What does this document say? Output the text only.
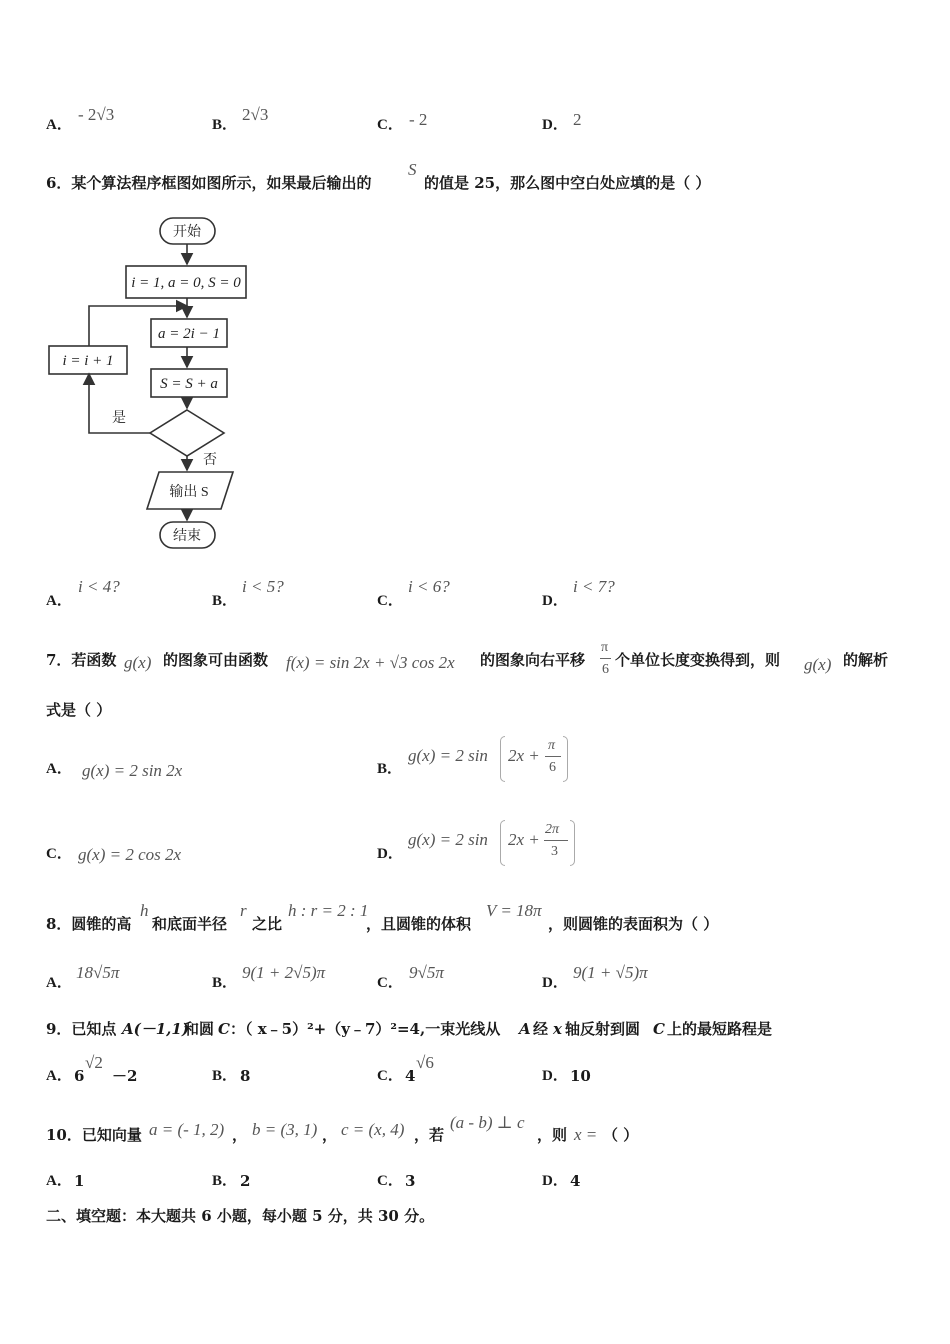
A．
- 2√3
B．
2√3
C． - 2	D． 2
6．某个算法程序框图如图所示，如果最后输出的
S
的值是 25，那么图中空白处应填的是（ ）
开始
i = 1, a = 0, S = 0
a = 2i − 1
S = S + a
i = i + 1
是
否
输出 S
结束
A．
i < 4?
B．
i < 5?
C．
i < 6?
D．
i < 7?
7．若函数 g(x) 的图象可由函数 f(x) = sin 2x + √3 cos 2x 的图象向右平移
π
6
个单位长度变换得到，则 g(x) 的解析
式是（ ）
A． g(x) = 2 sin 2x	B．
g(x) = 2 sin 2x +
π
6
C． g(x) = 2 cos 2x	D．
g(x) = 2 sin 2x +
2π
3
8．圆锥的高
h
和底面半径
r
之比
h : r = 2 : 1
，且圆锥的体积
V = 18π
，则圆锥的表面积为（ ）
A．
18√5π
B．
9(1 + 2√5)π
C．
9√5π
D．
9(1 + √5)π
9．已知点 A(－1,1)
和圆 C ：（ x﹣5）²+（y﹣7）²=4,一束光线从 A 经 x 轴反射到圆 C 上的最短路程是
A． 6
√2
－2	B． 8	C． 4
√6
D． 10
10．已知向量 a = (- 1, 2) ， b = (3, 1) ， c = (x, 4) ，若
(a - b) ⊥ c
，则 x = （ ）
A． 1	B． 2	C． 3	D． 4
二、填空题：本大题共 6 小题，每小题 5 分，共 30 分。
